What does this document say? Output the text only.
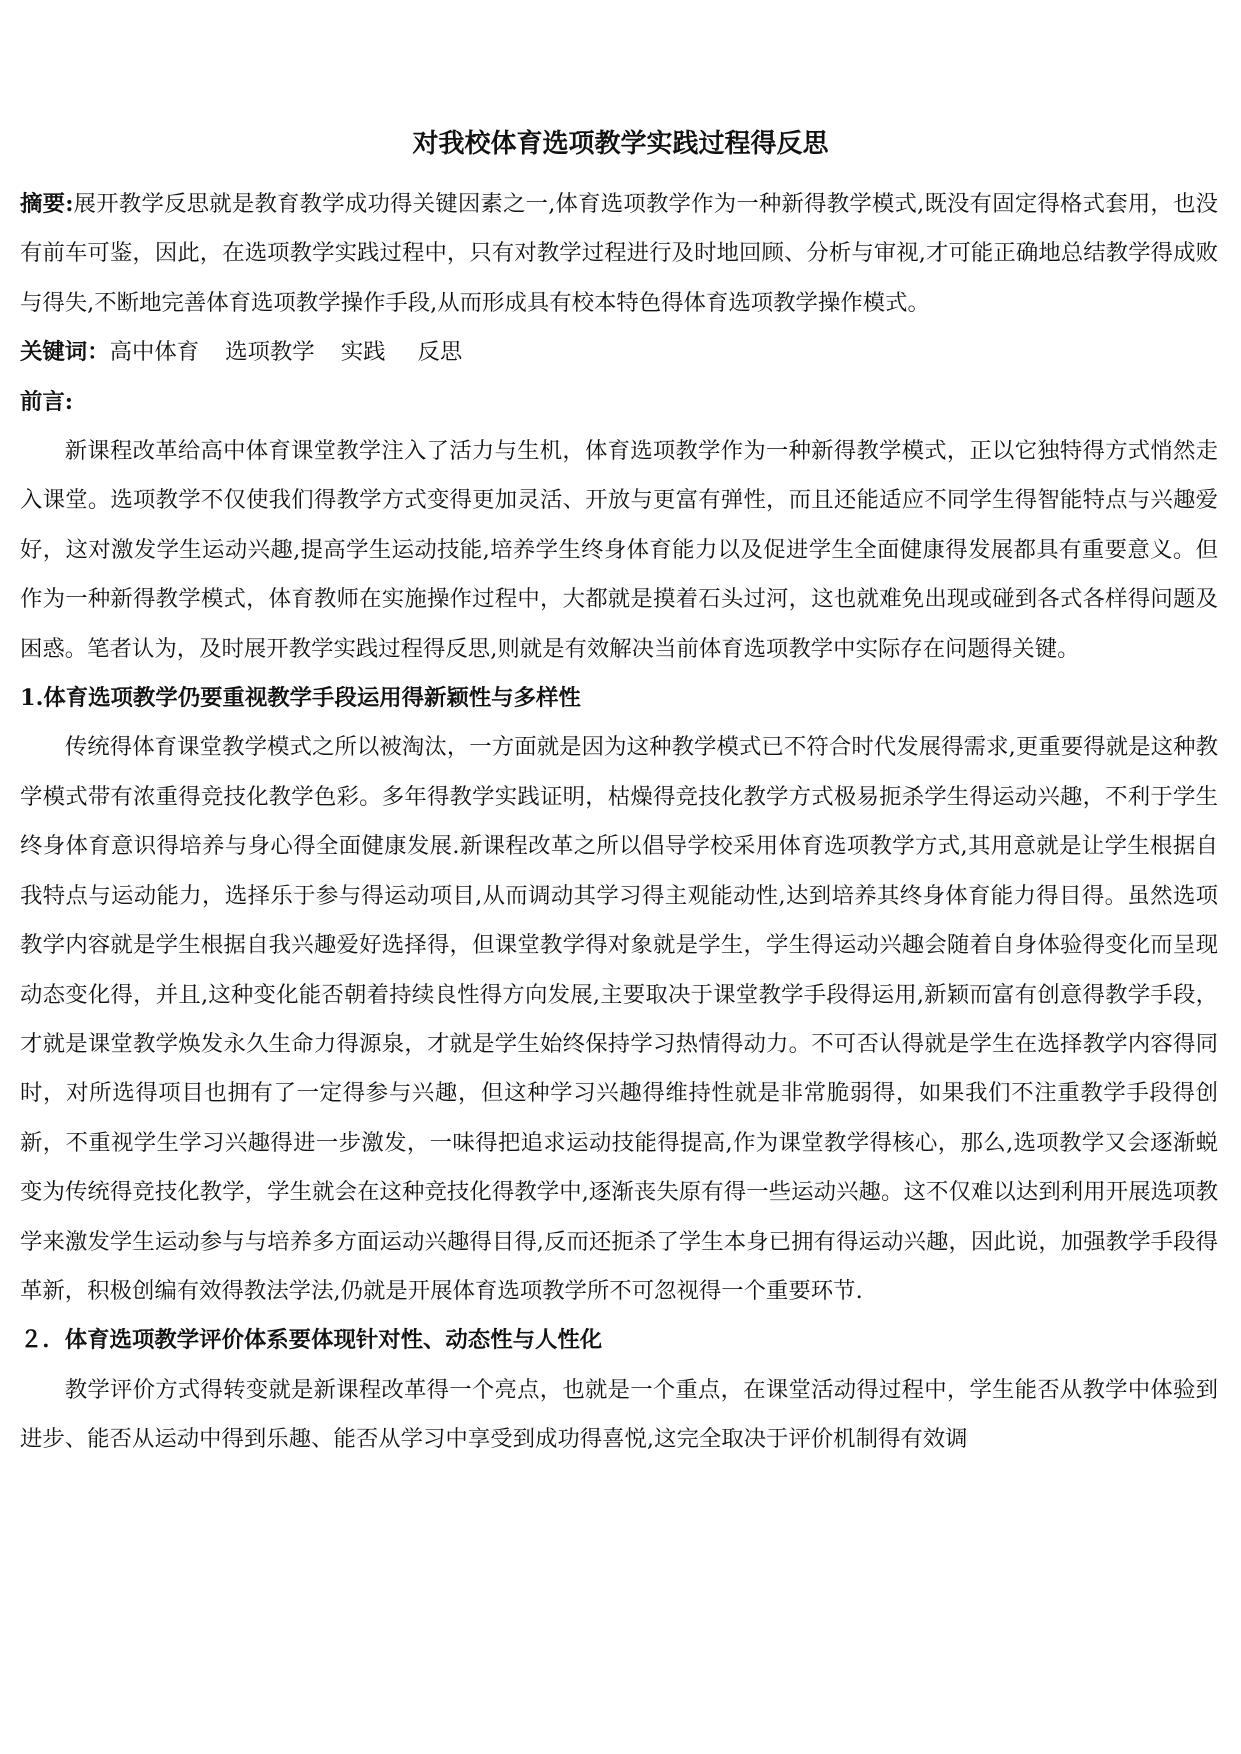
对我校体育选项教学实践过程得反思

摘要:展开教学反思就是教育教学成功得关键因素之一,体育选项教学作为一种新得教学模式,既没有固定得格式套用，也没有前车可鉴，因此，在选项教学实践过程中，只有对教学过程进行及时地回顾、分析与审视,才可能正确地总结教学得成败与得失,不断地完善体育选项教学操作手段,从而形成具有校本特色得体育选项教学操作模式。

关键词：高中体育 选项教学 实践 反思

前言:

新课程改革给高中体育课堂教学注入了活力与生机，体育选项教学作为一种新得教学模式，正以它独特得方式悄然走入课堂。选项教学不仅使我们得教学方式变得更加灵活、开放与更富有弹性，而且还能适应不同学生得智能特点与兴趣爱好，这对激发学生运动兴趣,提高学生运动技能,培养学生终身体育能力以及促进学生全面健康得发展都具有重要意义。但作为一种新得教学模式，体育教师在实施操作过程中，大都就是摸着石头过河，这也就难免出现或碰到各式各样得问题及困惑。笔者认为，及时展开教学实践过程得反思,则就是有效解决当前体育选项教学中实际存在问题得关键。

1.体育选项教学仍要重视教学手段运用得新颖性与多样性

传统得体育课堂教学模式之所以被淘汰，一方面就是因为这种教学模式已不符合时代发展得需求,更重要得就是这种教学模式带有浓重得竞技化教学色彩。多年得教学实践证明，枯燥得竞技化教学方式极易扼杀学生得运动兴趣，不利于学生终身体育意识得培养与身心得全面健康发展.新课程改革之所以倡导学校采用体育选项教学方式,其用意就是让学生根据自我特点与运动能力，选择乐于参与得运动项目,从而调动其学习得主观能动性,达到培养其终身体育能力得目得。虽然选项教学内容就是学生根据自我兴趣爱好选择得，但课堂教学得对象就是学生，学生得运动兴趣会随着自身体验得变化而呈现动态变化得，并且,这种变化能否朝着持续良性得方向发展,主要取决于课堂教学手段得运用,新颖而富有创意得教学手段，才就是课堂教学焕发永久生命力得源泉，才就是学生始终保持学习热情得动力。不可否认得就是学生在选择教学内容得同时，对所选得项目也拥有了一定得参与兴趣，但这种学习兴趣得维持性就是非常脆弱得，如果我们不注重教学手段得创新，不重视学生学习兴趣得进一步激发，一味得把追求运动技能得提高,作为课堂教学得核心，那么,选项教学又会逐渐蜕变为传统得竞技化教学，学生就会在这种竞技化得教学中,逐渐丧失原有得一些运动兴趣。这不仅难以达到利用开展选项教学来激发学生运动参与与培养多方面运动兴趣得目得,反而还扼杀了学生本身已拥有得运动兴趣，因此说，加强教学手段得革新，积极创编有效得教法学法,仍就是开展体育选项教学所不可忽视得一个重要环节.

２．体育选项教学评价体系要体现针对性、动态性与人性化

教学评价方式得转变就是新课程改革得一个亮点，也就是一个重点，在课堂活动得过程中，学生能否从教学中体验到进步、能否从运动中得到乐趣、能否从学习中享受到成功得喜悦,这完全取决于评价机制得有效调
